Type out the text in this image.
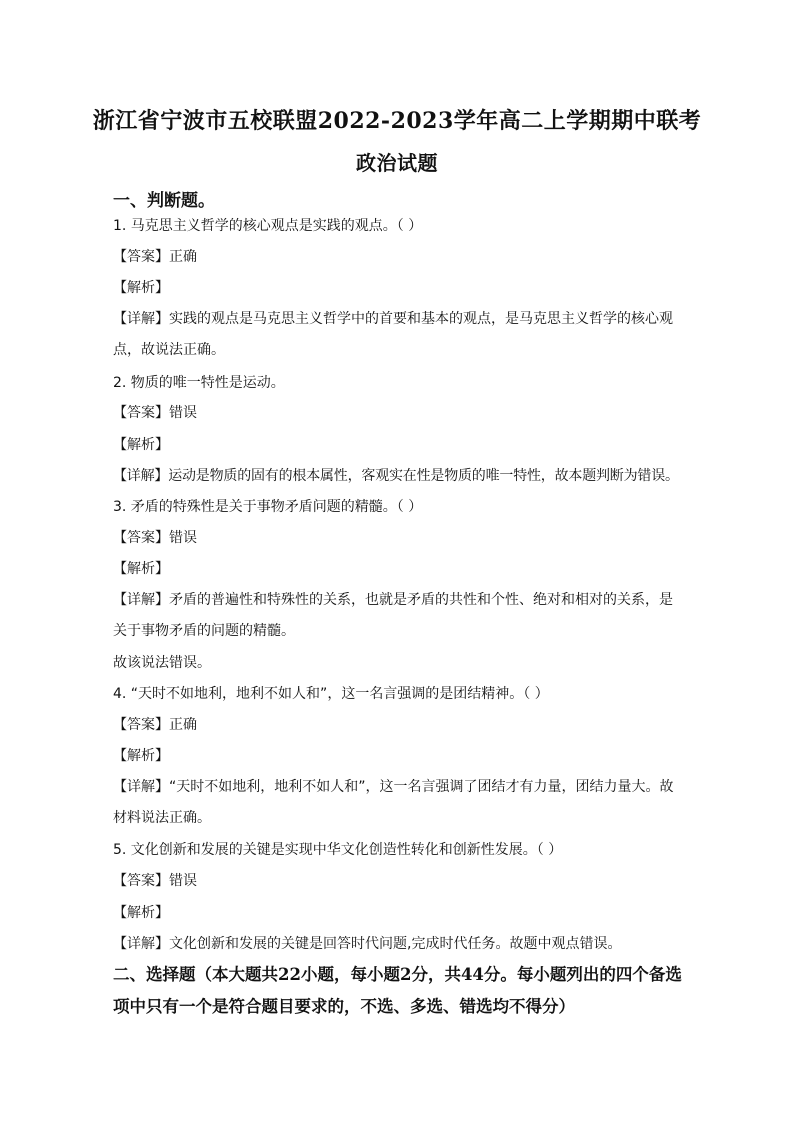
浙江省宁波市五校联盟2022-2023学年高二上学期期中联考
政治试题
一、判断题。
1. 马克思主义哲学的核心观点是实践的观点。（ ）
【答案】正确
【解析】
【详解】实践的观点是马克思主义哲学中的首要和基本的观点，是马克思主义哲学的核心观点，故说法正确。
2. 物质的唯一特性是运动。
【答案】错误
【解析】
【详解】运动是物质的固有的根本属性，客观实在性是物质的唯一特性，故本题判断为错误。
3. 矛盾的特殊性是关于事物矛盾问题的精髓。（ ）
【答案】错误
【解析】
【详解】矛盾的普遍性和特殊性的关系，也就是矛盾的共性和个性、绝对和相对的关系，是关于事物矛盾的问题的精髓。
故该说法错误。
4. “天时不如地利，地利不如人和”，这一名言强调的是团结精神。（ ）
【答案】正确
【解析】
【详解】“天时不如地利，地利不如人和”，这一名言强调了团结才有力量，团结力量大。故材料说法正确。
5. 文化创新和发展的关键是实现中华文化创造性转化和创新性发展。（ ）
【答案】错误
【解析】
【详解】文化创新和发展的关键是回答时代问题,完成时代任务。故题中观点错误。
二、选择题（本大题共22小题，每小题2分，共44分。每小题列出的四个备选项中只有一个是符合题目要求的，不选、多选、错选均不得分）
